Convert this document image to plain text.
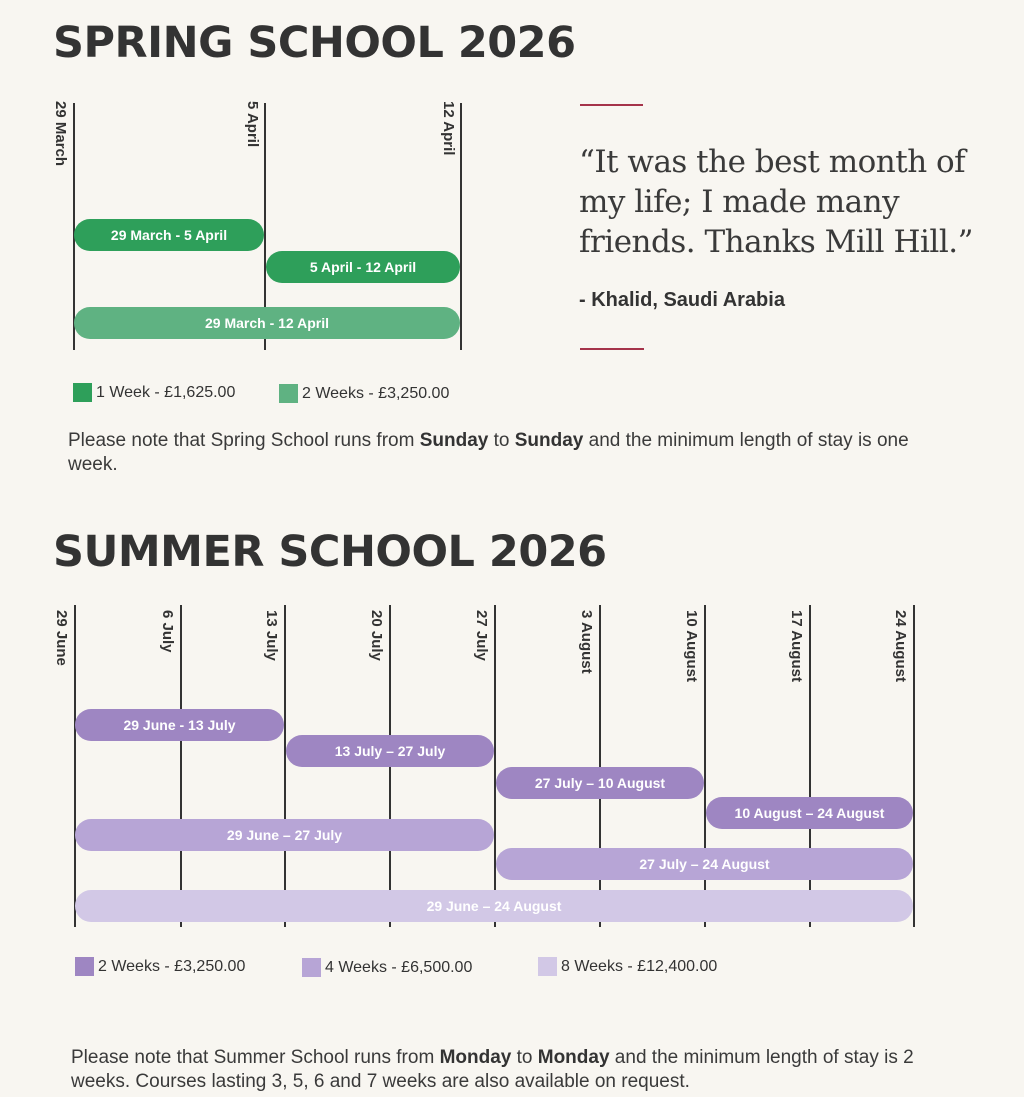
SPRING SCHOOL 2026
29 March	5 April	12 April
29 March - 5 April
5 April - 12 April
29 March - 12 April
1 Week - £1,625.00	2 Weeks - £3,250.00

Please note that Spring School runs from Sunday to Sunday and the minimum length of stay is one week.

“It was the best month of my life; I made many friends. Thanks Mill Hill.”

- Khalid, Saudi Arabia
SUMMER SCHOOL 2026
29 June	6 July	13 July	20 July	27 July	3 August	10 August	17 August	24 August
29 June - 13 July
13 July – 27 July
27 July – 10 August
10 August – 24 August
29 June – 27 July
27 July – 24 August
29 June – 24 August
2 Weeks - £3,250.00	4 Weeks - £6,500.00	8 Weeks - £12,400.00

Please note that Summer School runs from Monday to Monday and the minimum length of stay is 2 weeks. Courses lasting 3, 5, 6 and 7 weeks are also available on request.
